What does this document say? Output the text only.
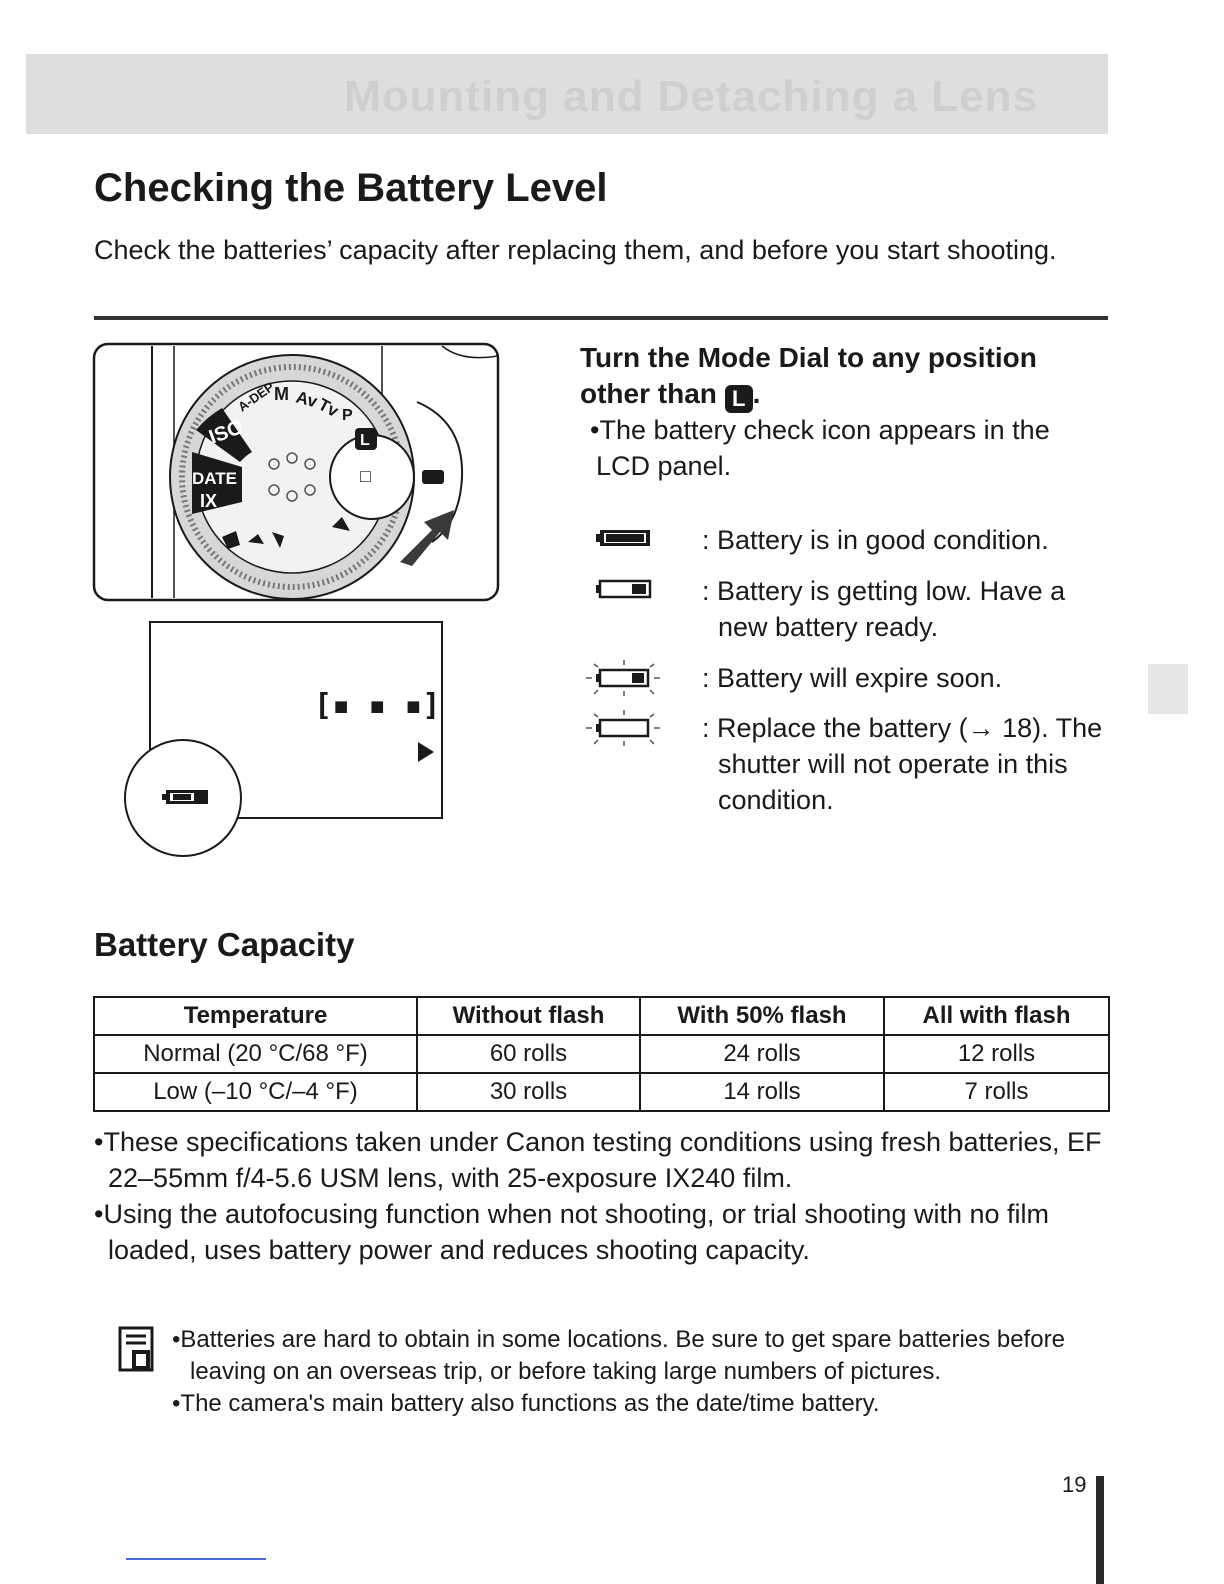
Mounting and Detaching a Lens
Checking the Battery Level

Check the batteries’ capacity after replacing them, and before you start shooting.

ISO
DATE
IX
A-DEP
M Av
Tv P
L
□
[▪ ▪ ▪]
Turn the Mode Dial to any position other than L .

•The battery check icon appears in the LCD panel.

: Battery is in good condition.
: Battery is getting low. Have a new battery ready.
: Battery will expire soon.
: Replace the battery (→ 18). The shutter will not operate in this condition.
Battery Capacity
Temperature	Without flash	With 50% flash	All with flash
Normal (20 °C/68 °F)	60 rolls	24 rolls	12 rolls
Low (–10 °C/–4 °F)	30 rolls	14 rolls	7 rolls
•These specifications taken under Canon testing conditions using fresh batteries, EF 22–55mm f/4-5.6 USM lens, with 25-exposure IX240 film.
•Using the autofocusing function when not shooting, or trial shooting with no film loaded, uses battery power and reduces shooting capacity.
•Batteries are hard to obtain in some locations. Be sure to get spare batteries before leaving on an overseas trip, or before taking large numbers of pictures.
•The camera's main battery also functions as the date/time battery.
19
